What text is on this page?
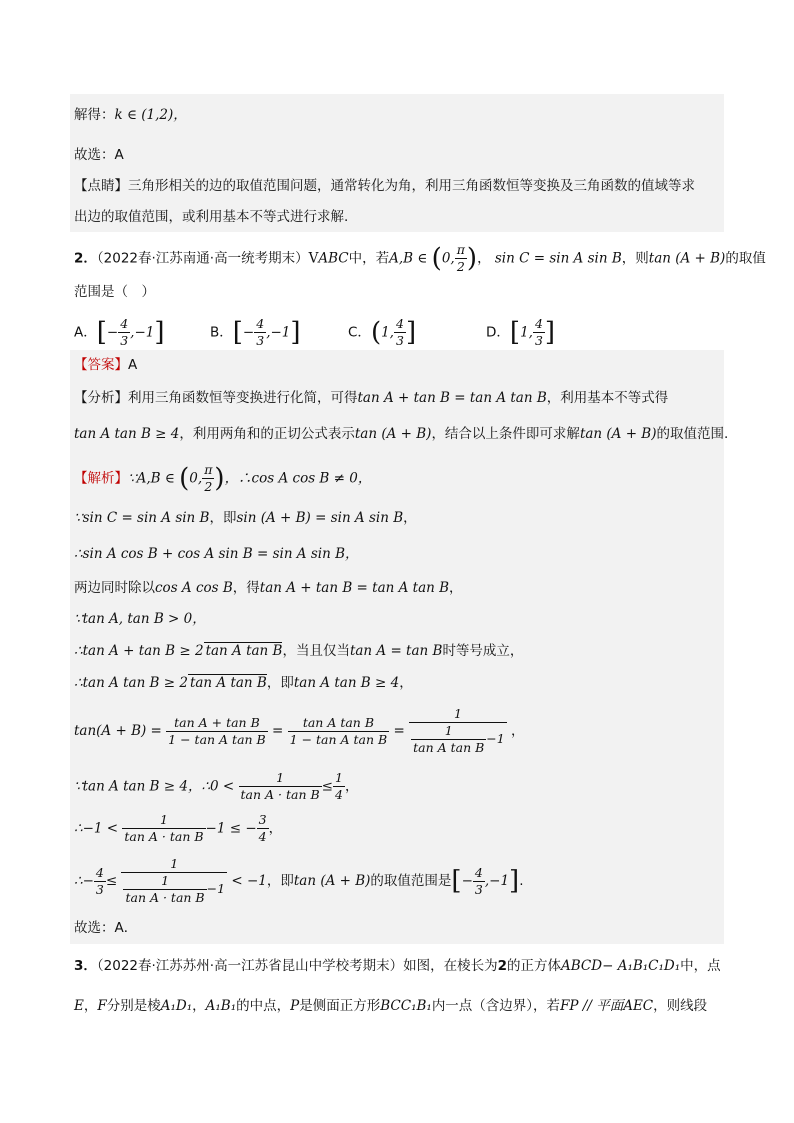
解得：k ∈ (1,2)，
故选：A
【点睛】三角形相关的边的取值范围问题，通常转化为角，利用三角函数恒等变换及三角函数的值域等求
出边的取值范围，或利用基本不等式进行求解.
2．（2022春·江苏南通·高一统考期末）VABC中，若A,B ∈ (0, $\frac{\pi}{2}$ )， sin C = sin A sin B，则tan (A + B)的取值
范围是（　）
A．[− $\frac{4}{3} ,-1$]	B．[− $\frac{4}{3} ,-1$]	C．(1, $\frac{4}{3}$ ]	D．[1, $\frac{4}{3}$ ]
【答案】A
【分析】利用三角函数恒等变换进行化简，可得tan A + tan B = tan A tan B，利用基本不等式得
tan A tan B ≥ 4，利用两角和的正切公式表示tan (A + B)，结合以上条件即可求解tan (A + B)的取值范围.
【解析】∵A,B ∈ (0, $\frac{\pi}{2}$ )，∴cos A cos B ≠ 0，
∵sin C = sin A sin B，即sin (A + B) = sin A sin B，
∴sin A cos B + cos A sin B = sin A sin B，
两边同时除以cos A cos B，得tan A + tan B = tan A tan B，
∵tan A, tan B > 0，
∴tan A + tan B ≥ 2 tan A tan B，当且仅当tan A = tan B时等号成立，
∴tan A tan B ≥ 2 tan A tan B，即tan A tan B ≥ 4，
$\tan(A + B) = \frac{\text{tan A + tan B}}{\text{1 − tan A tan B}} = \frac{\text{tan A tan B}}{\text{1 − tan A tan B}} = \frac{1}{\frac{1}{\text{tan A tan B}} -1}$ ，
∵tan A tan B ≥ 4，∴0 < $\frac{1}{\text{tan A · tan B}} \le \frac{1}{4}$ ，
∴−1 < $\frac{1}{\text{tan A · tan B}} -1$ ≤ − $\frac{3}{4}$ ，
∴− $\frac{4}{3} \le \frac{1}{\frac{1}{\text{tan A · tan B}} -1} < -1$，即tan (A + B)的取值范围是[− $\frac{4}{3} ,-1$].
故选：A．
3．（2022春·江苏苏州·高一江苏省昆山中学校考期末）如图，在棱长为2的正方体ABCD− A₁B₁C₁D₁中，点
E，F分别是棱A₁D₁，A₁B₁的中点，P是侧面正方形BCC₁B₁内一点（含边界），若FP // 平面AEC，则线段
